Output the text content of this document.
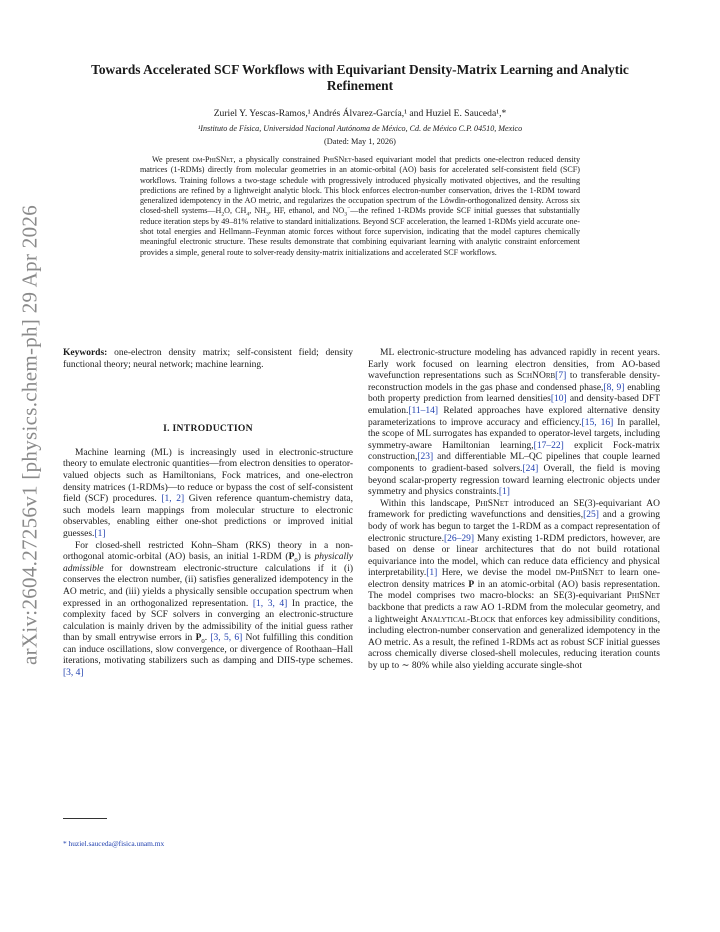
arXiv:2604.27256v1 [physics.chem-ph] 29 Apr 2026
Towards Accelerated SCF Workflows with Equivariant Density-Matrix Learning and Analytic Refinement
Zuriel Y. Yescas-Ramos,¹ Andrés Álvarez-García,¹ and Huziel E. Sauceda¹,*
¹Instituto de Física, Universidad Nacional Autónoma de México, Cd. de México C.P. 04510, Mexico
(Dated: May 1, 2026)

We present dm-PhiSNet, a physically constrained PhiSNet-based equivariant model that predicts one-electron reduced density matrices (1-RDMs) directly from molecular geometries in an atomic-orbital (AO) basis for accelerated self-consistent field (SCF) workflows. Training follows a two-stage schedule with progressively introduced physically motivated objectives, and the resulting predictions are refined by a lightweight analytic block. This block enforces electron-number conservation, drives the 1-RDM toward generalized idempotency in the AO metric, and regularizes the occupation spectrum of the Löwdin-orthogonalized density. Across six closed-shell $systems—H_2O$, $CH_4$, $NH_3$, HF, ethanol, and $NO_3^-—the$ refined 1-RDMs provide SCF initial guesses that substantially reduce iteration steps by 49–81% relative to standard initializations. Beyond SCF acceleration, the learned 1-RDMs yield accurate one-shot total energies and Hellmann–Feynman atomic forces without force supervision, indicating that the model captures chemically meaningful electronic structure. These results demonstrate that combining equivariant learning with analytic constraint enforcement provides a simple, general route to solver-ready density-matrix initializations and accelerated SCF workflows.

Keywords: one-electron density matrix; self-consistent field; density functional theory; neural network; machine learning.

I. INTRODUCTION

Machine learning (ML) is increasingly used in electronic-structure theory to emulate electronic quantities—from electron densities to operator-valued objects such as Hamiltonians, Fock matrices, and one-electron density matrices (1-RDMs)—to reduce or bypass the cost of self-consistent field (SCF) procedures. [1, 2] Given reference quantum-chemistry data, such models learn mappings from molecular structure to electronic observables, enabling either one-shot predictions or improved initial guesses.[1]

For closed-shell restricted Kohn–Sham (RKS) theory in a non-orthogonal atomic-orbital (AO) basis, an initial 1-RDM $(P_0)$ is physically admissible for downstream electronic-structure calculations if it (i) conserves the electron number, (ii) satisfies generalized idempotency in the AO metric, and (iii) yields a physically sensible occupation spectrum when expressed in an orthogonalized representation. [1, 3, 4] In practice, the complexity faced by SCF solvers in converging an electronic-structure calculation is mainly driven by the admissibility of the initial guess rather than by small entrywise errors in $P_0$. [3, 5, 6] Not fulfilling this condition can induce oscillations, slow convergence, or divergence of Roothaan–Hall iterations, motivating stabilizers such as damping and DIIS-type schemes.[3, 4]

* huziel.sauceda@fisica.unam.mx

ML electronic-structure modeling has advanced rapidly in recent years. Early work focused on learning electron densities, from AO-based wavefunction representations such as SchNOrb[7] to transferable density-reconstruction models in the gas phase and condensed phase,[8, 9] enabling both property prediction from learned densities[10] and density-based DFT emulation.[11–14] Related approaches have explored alternative density parameterizations to improve accuracy and efficiency.[15, 16] In parallel, the scope of ML surrogates has expanded to operator-level targets, including symmetry-aware Hamiltonian learning,[17–22] explicit Fock-matrix construction,[23] and differentiable ML–QC pipelines that couple learned components to gradient-based solvers.[24] Overall, the field is moving beyond scalar-property regression toward learning electronic objects under symmetry and physics constraints.[1]

Within this landscape, PhiSNet introduced an SE(3)-equivariant AO framework for predicting wavefunctions and densities,[25] and a growing body of work has begun to target the 1-RDM as a compact representation of electronic structure.[26–29] Many existing 1-RDM predictors, however, are based on dense or linear architectures that do not build rotational equivariance into the model, which can reduce data efficiency and physical interpretability.[1] Here, we devise the model dm-PhiSNet to learn one-electron density matrices P in an atomic-orbital (AO) basis representation. The model comprises two macro-blocks: an SE(3)-equivariant PhiSNet backbone that predicts a raw AO 1-RDM from the molecular geometry, and a lightweight Analytical-Block that enforces key admissibility conditions, including electron-number conservation and generalized idempotency in the AO metric. As a result, the refined 1-RDMs act as robust SCF initial guesses across chemically diverse closed-shell molecules, reducing iteration counts by up to ∼ 80% while also yielding accurate single-shot
